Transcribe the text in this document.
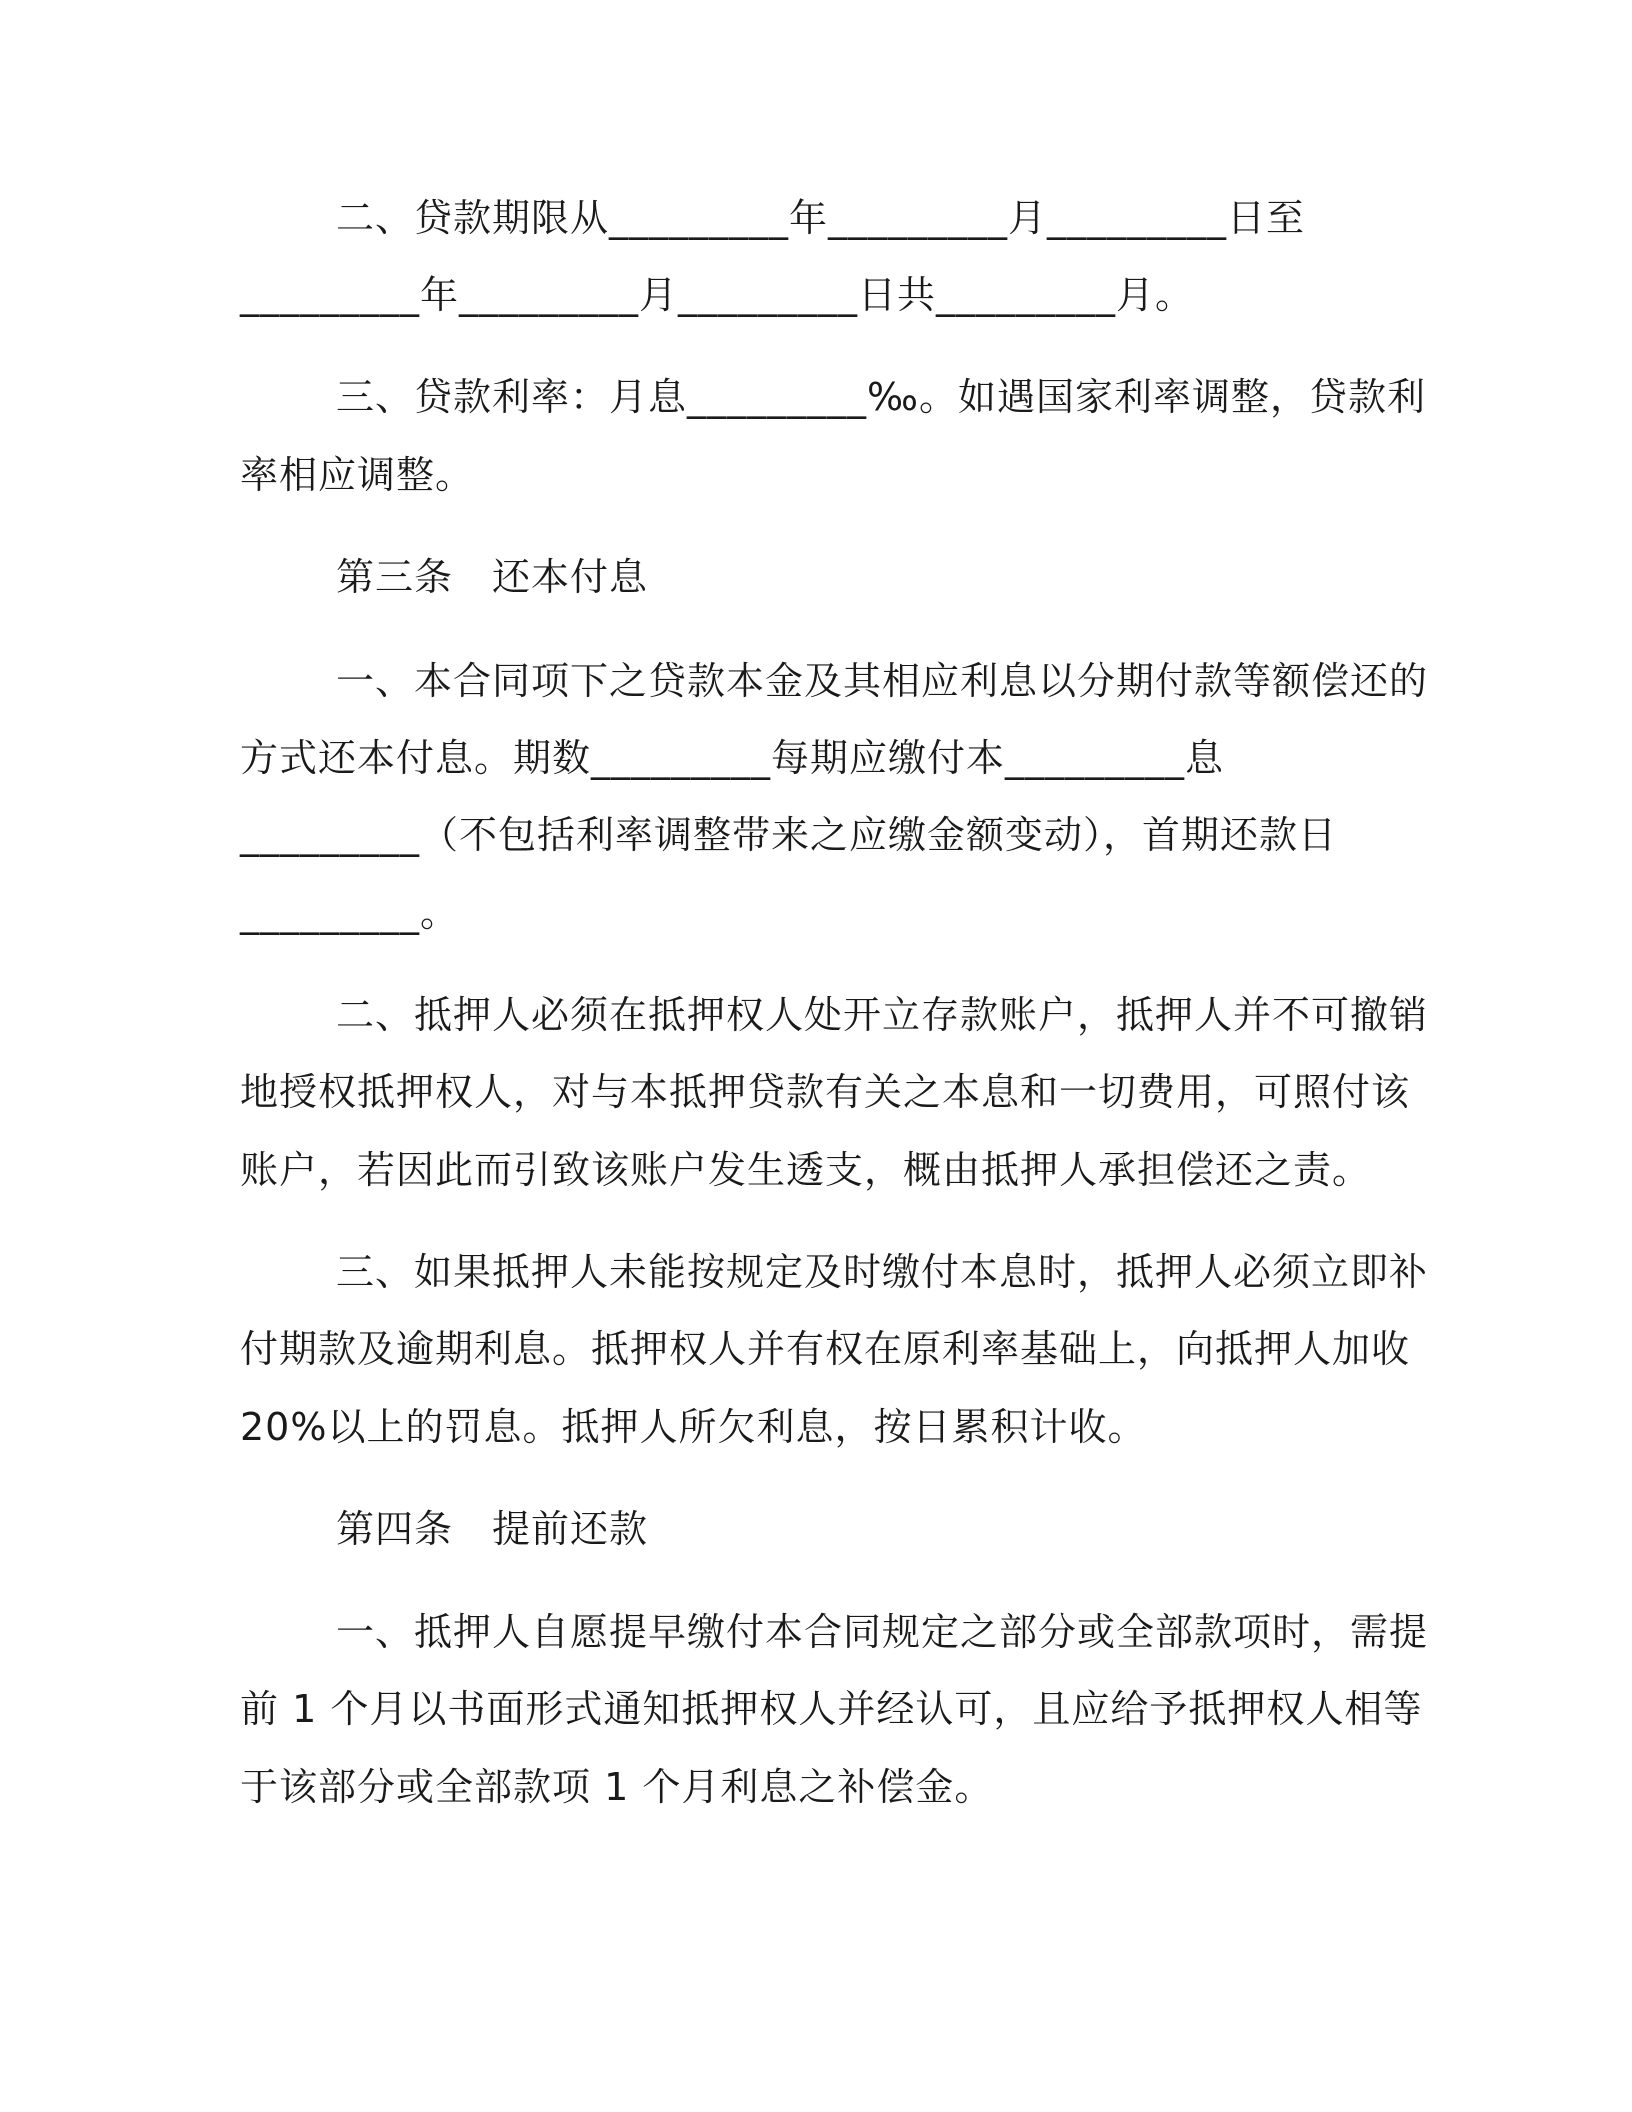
二、贷款期限从_________年_________月_________日至
_________年_________月_________日共_________月。
三、贷款利率：月息_________‰。如遇国家利率调整，贷款利
率相应调整。
第三条　还本付息
一、本合同项下之贷款本金及其相应利息以分期付款等额偿还的
方式还本付息。期数_________每期应缴付本_________息
_________（不包括利率调整带来之应缴金额变动），首期还款日
_________。
二、抵押人必须在抵押权人处开立存款账户，抵押人并不可撤销
地授权抵押权人，对与本抵押贷款有关之本息和一切费用，可照付该
账户，若因此而引致该账户发生透支，概由抵押人承担偿还之责。
三、如果抵押人未能按规定及时缴付本息时，抵押人必须立即补
付期款及逾期利息。抵押权人并有权在原利率基础上，向抵押人加收
20%以上的罚息。抵押人所欠利息，按日累积计收。
第四条　提前还款
一、抵押人自愿提早缴付本合同规定之部分或全部款项时，需提
前 1 个月以书面形式通知抵押权人并经认可，且应给予抵押权人相等
于该部分或全部款项 1 个月利息之补偿金。
